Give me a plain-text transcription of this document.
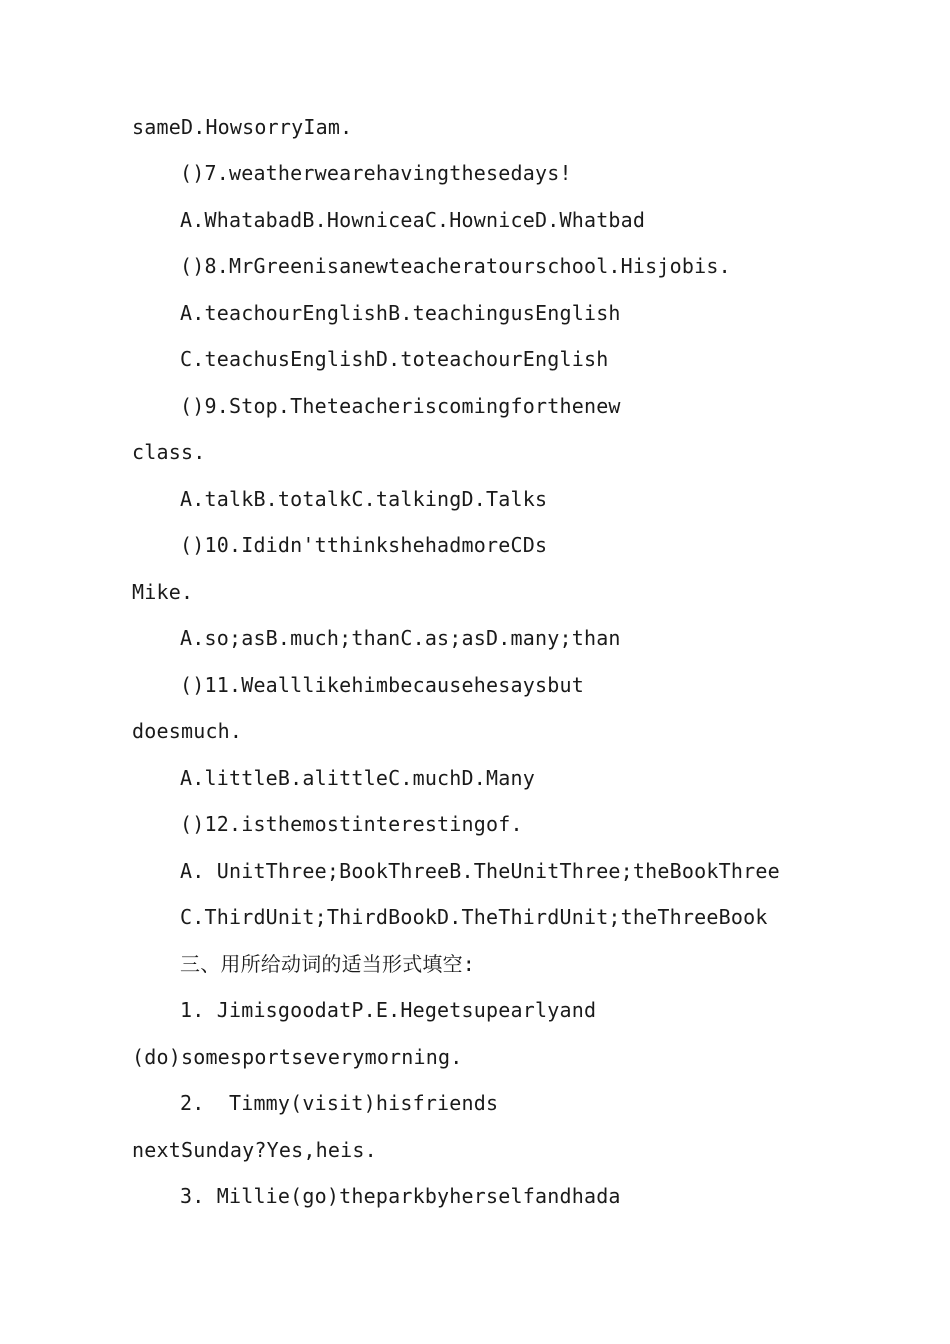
sameD.HowsorryIam.
()7.weatherwearehavingthesedays!
A.WhatabadB.HowniceaC.HowniceD.Whatbad
()8.MrGreenisanewteacheratourschool.Hisjobis.
A.teachourEnglishB.teachingusEnglish
C.teachusEnglishD.toteachourEnglish
()9.Stop.Theteacheriscomingforthenew
class.
A.talkB.totalkC.talkingD.Talks
()10.Ididn'tthinkshehadmoreCDs
Mike.
A.so;asB.much;thanC.as;asD.many;than
()11.Wealllikehimbecausehesaysbut
doesmuch.
A.littleB.alittleC.muchD.Many
()12.isthemostinterestingof.
A. UnitThree;BookThreeB.TheUnitThree;theBookThree
C.ThirdUnit;ThirdBookD.TheThirdUnit;theThreeBook
三、用所给动词的适当形式填空:
1. JimisgoodatP.E.Hegetsupearlyand
(do)somesportseverymorning.
2.  Timmy(visit)hisfriends
nextSunday?Yes,heis.
3. Millie(go)theparkbyherselfandhada
